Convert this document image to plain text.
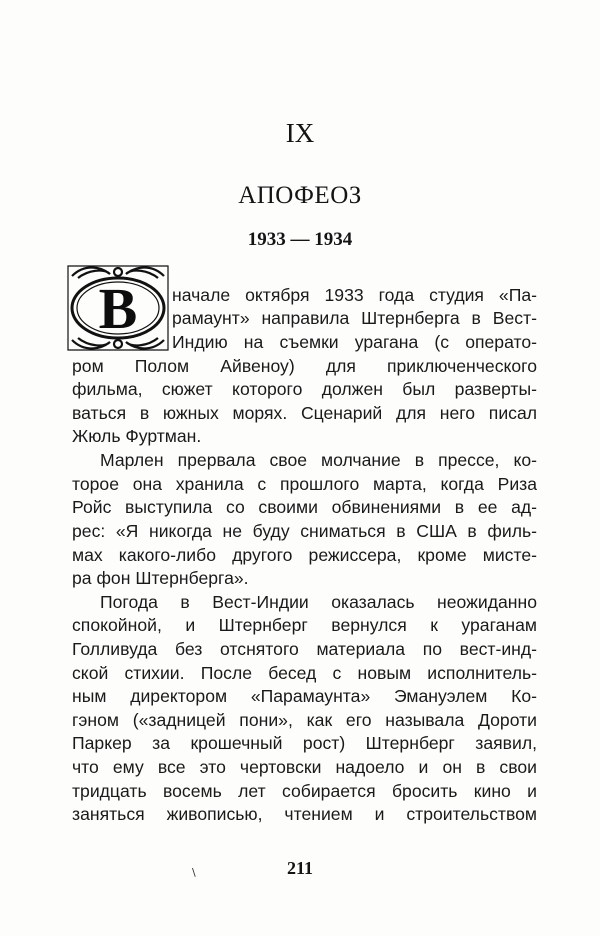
IX
АПОФЕОЗ
1933 — 1934
В начале октября 1933 года студия «Па-
рамаунт» направила Штернберга в Вест-
Индию на съемки урагана (с операто-
ром Полом Айвеноу) для приключенческого
фильма, сюжет которого должен был разверты-
ваться в южных морях. Сценарий для него писал
Жюль Фуртман.
Марлен прервала свое молчание в прессе, ко-
торое она хранила с прошлого марта, когда Риза
Ройс выступила со своими обвинениями в ее ад-
рес: «Я никогда не буду сниматься в США в филь-
мах какого-либо другого режиссера, кроме мисте-
ра фон Штернберга».
Погода в Вест-Индии оказалась неожиданно
спокойной, и Штернберг вернулся к ураганам
Голливуда без отснятого материала по вест-инд-
ской стихии. После бесед с новым исполнитель-
ным директором «Парамаунта» Эмануэлем Ко-
гэном («задницей пони», как его называла Дороти
Паркер за крошечный рост) Штернберг заявил,
что ему все это чертовски надоело и он в свои
тридцать восемь лет собирается бросить кино и
заняться живописью, чтением и строительством
\	211
